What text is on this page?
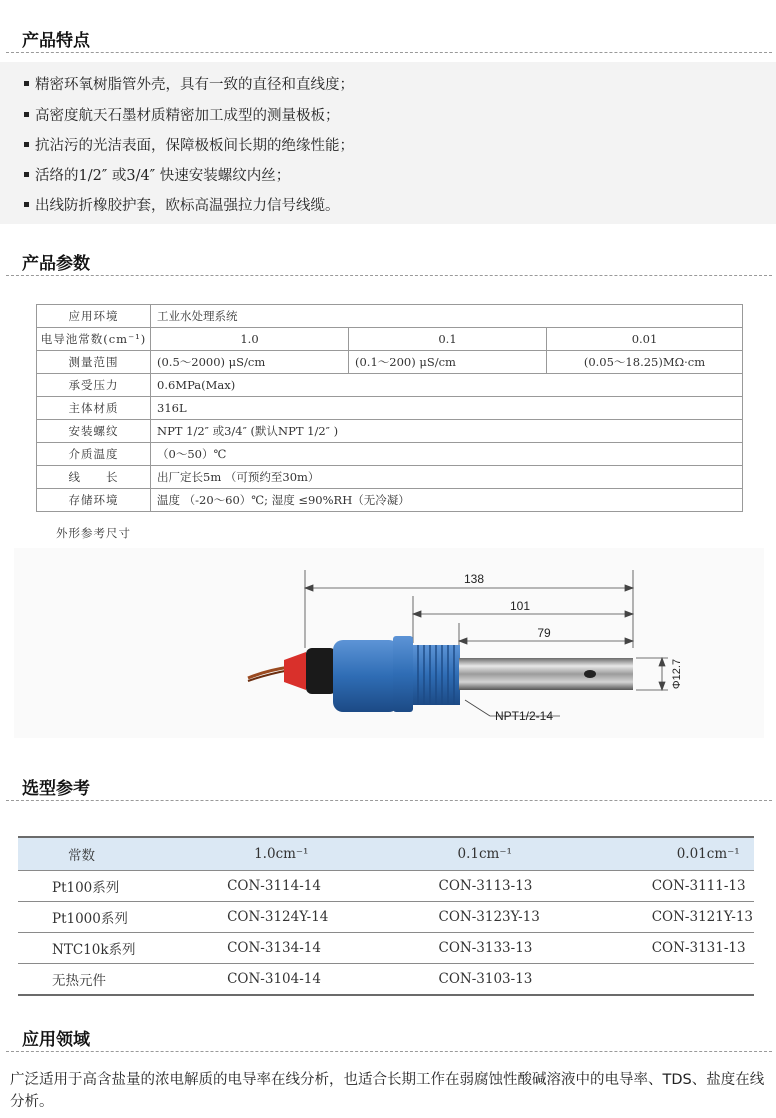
产品特点
精密环氧树脂管外壳，具有一致的直径和直线度；
高密度航天石墨材质精密加工成型的测量极板；
抗沾污的光洁表面，保障极板间长期的绝缘性能；
活络的1/2″ 或3/4″ 快速安装螺纹内丝；
出线防折橡胶护套，欧标高温强拉力信号线缆。
产品参数
应用环境	工业水处理系统		
电导池常数(cm⁻¹)	1.0	0.1	0.01
测量范围	(0.5～2000) μS/cm	(0.1～200) μS/cm	(0.05～18.25)MΩ·cm
承受压力	0.6MPa(Max)		
主体材质	316L		
安装螺纹	NPT 1/2″ 或3/4″ (默认NPT 1/2″ )		
介质温度	（0～50）℃		
线　　长	出厂定长5m （可预约至30m）		
存储环境	温度 （-20～60）℃; 湿度 ≤90%RH（无冷凝）		
外形参考尺寸
138
101
79
Φ12.7
NPT1/2-14
选型参考
常数	1.0cm⁻¹	0.1cm⁻¹	0.01cm⁻¹
Pt100系列	CON-3114-14	CON-3113-13	CON-3111-13
Pt1000系列	CON-3124Y-14	CON-3123Y-13	CON-3121Y-13
NTC10k系列	CON-3134-14	CON-3133-13	CON-3131-13
无热元件	CON-3104-14	CON-3103-13	
应用领域
广泛适用于高含盐量的浓电解质的电导率在线分析，也适合长期工作在弱腐蚀性酸碱溶液中的电导率、TDS、盐度在线分析。
